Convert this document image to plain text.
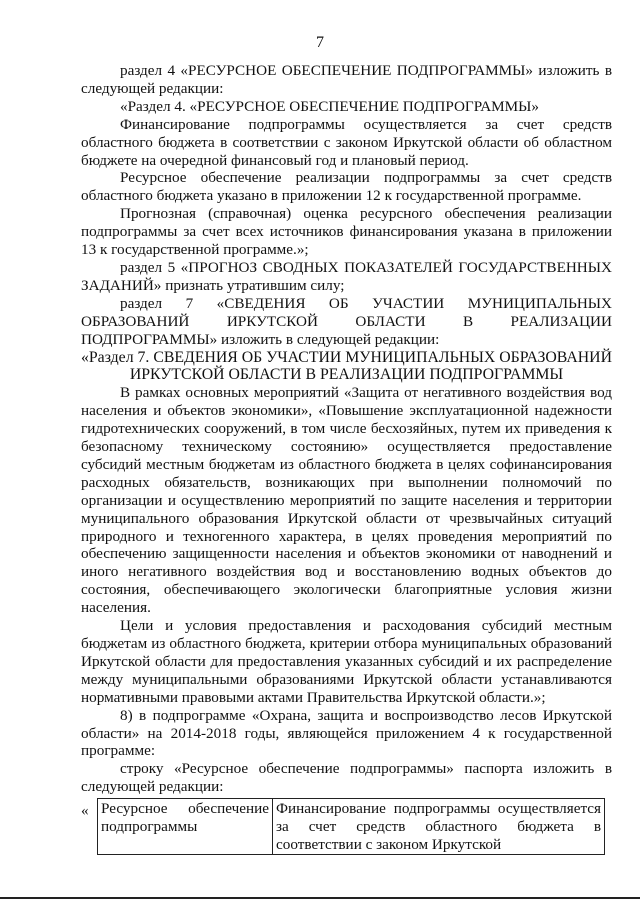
7

раздел 4 «РЕСУРСНОЕ ОБЕСПЕЧЕНИЕ ПОДПРОГРАММЫ» изложить в следующей редакции:

«Раздел 4. «РЕСУРСНОЕ ОБЕСПЕЧЕНИЕ ПОДПРОГРАММЫ»

Финансирование подпрограммы осуществляется за счет средств областного бюджета в соответствии с законом Иркутской области об областном бюджете на очередной финансовый год и плановый период.

Ресурсное обеспечение реализации подпрограммы за счет средств областного бюджета указано в приложении 12 к государственной программе.

Прогнозная (справочная) оценка ресурсного обеспечения реализации подпрограммы за счет всех источников финансирования указана в приложении 13 к государственной программе.»;

раздел 5 «ПРОГНОЗ СВОДНЫХ ПОКАЗАТЕЛЕЙ ГОСУДАРСТВЕННЫХ ЗАДАНИЙ» признать утратившим силу;

раздел 7 «СВЕДЕНИЯ ОБ УЧАСТИИ МУНИЦИПАЛЬНЫХ ОБРАЗОВАНИЙ ИРКУТСКОЙ ОБЛАСТИ В РЕАЛИЗАЦИИ ПОДПРОГРАММЫ» изложить в следующей редакции:

«Раздел 7. СВЕДЕНИЯ ОБ УЧАСТИИ МУНИЦИПАЛЬНЫХ ОБРАЗОВАНИЙ ИРКУТСКОЙ ОБЛАСТИ В РЕАЛИЗАЦИИ ПОДПРОГРАММЫ

В рамках основных мероприятий «Защита от негативного воздействия вод населения и объектов экономики», «Повышение эксплуатационной надежности гидротехнических сооружений, в том числе бесхозяйных, путем их приведения к безопасному техническому состоянию» осуществляется предоставление субсидий местным бюджетам из областного бюджета в целях софинансирования расходных обязательств, возникающих при выполнении полномочий по организации и осуществлению мероприятий по защите населения и территории муниципального образования Иркутской области от чрезвычайных ситуаций природного и техногенного характера, в целях проведения мероприятий по обеспечению защищенности населения и объектов экономики от наводнений и иного негативного воздействия вод и восстановлению водных объектов до состояния, обеспечивающего экологически благоприятные условия жизни населения.

Цели и условия предоставления и расходования субсидий местным бюджетам из областного бюджета, критерии отбора муниципальных образований Иркутской области для предоставления указанных субсидий и их распределение между муниципальными образованиями Иркутской области устанавливаются нормативными правовыми актами Правительства Иркутской области.»;

8) в подпрограмме «Охрана, защита и воспроизводство лесов Иркутской области» на 2014-2018 годы, являющейся приложением 4 к государственной программе:

строку «Ресурсное обеспечение подпрограммы» паспорта изложить в следующей редакции:

« Ресурсное обеспечение подпрограммы	Финансирование подпрограммы осуществляется за счет средств областного бюджета в соответствии с законом Иркутской
